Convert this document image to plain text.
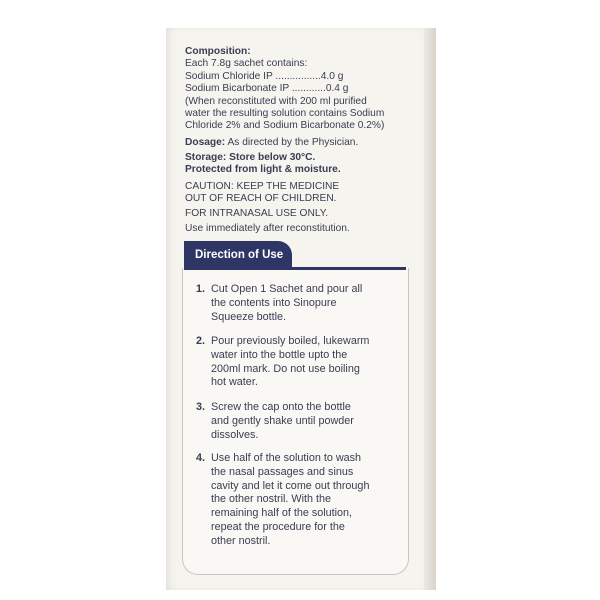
Composition:
Each 7.8g sachet contains:
Sodium Chloride IP ................ 4.0 g
Sodium Bicarbonate IP ............ 0.4 g
(When reconstituted with 200 ml purified
water the resulting solution contains Sodium
Chloride 2% and Sodium Bicarbonate 0.2%)
Dosage: As directed by the Physician.
Storage: Store below 30°C.
Protected from light & moisture.
CAUTION: KEEP THE MEDICINE
OUT OF REACH OF CHILDREN.
FOR INTRANASAL USE ONLY.
Use immediately after reconstitution.
Direction of Use
1. Cut Open 1 Sachet and pour all
the contents into Sinopure
Squeeze bottle.
2. Pour previously boiled, lukewarm
water into the bottle upto the
200ml mark. Do not use boiling
hot water.
3. Screw the cap onto the bottle
and gently shake until powder
dissolves.
4. Use half of the solution to wash
the nasal passages and sinus
cavity and let it come out through
the other nostril. With the
remaining half of the solution,
repeat the procedure for the
other nostril.
